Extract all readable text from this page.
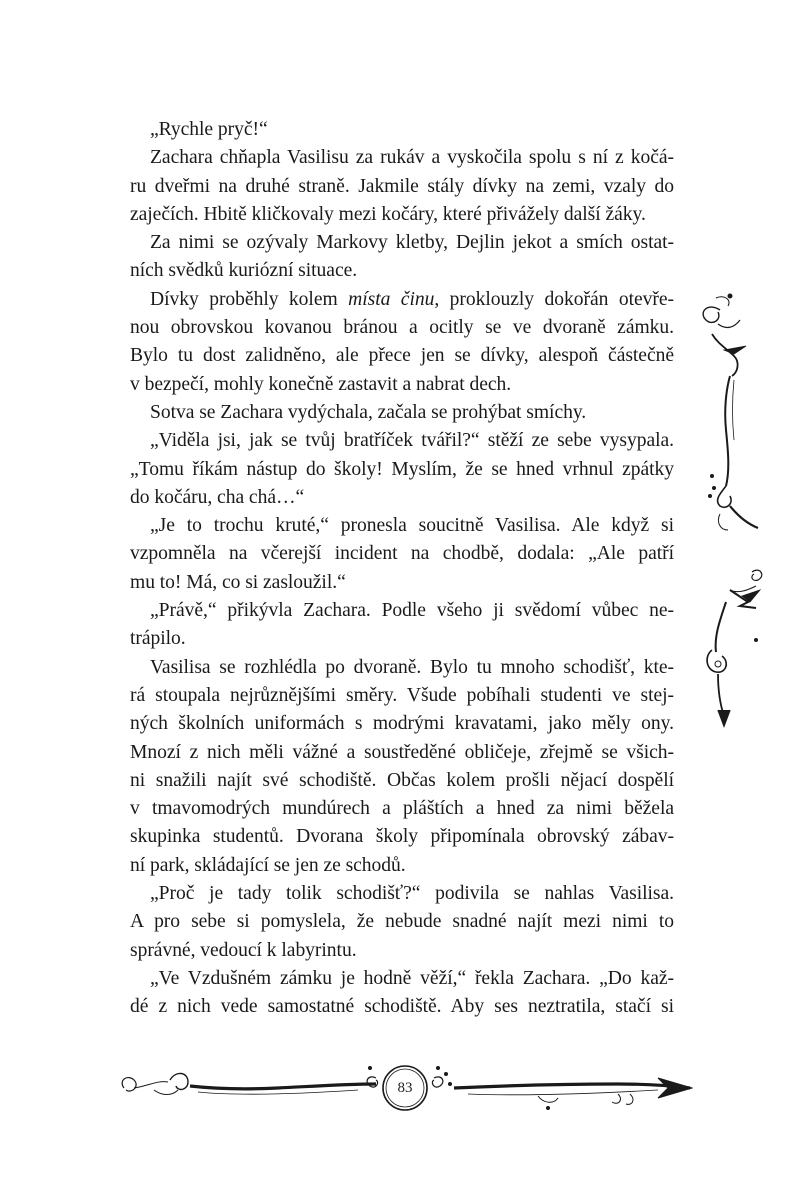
„Rychle pryč!“
Zachara chňapla Vasilisu za rukáv a vyskočila spolu s ní z kočá-
ru dveřmi na druhé straně. Jakmile stály dívky na zemi, vzaly do
zaječích. Hbitě kličkovaly mezi kočáry, které přivážely další žáky.
Za nimi se ozývaly Markovy kletby, Dejlin jekot a smích ostat-
ních svědků kuriózní situace.
Dívky proběhly kolem místa činu, proklouzly dokořán otevře-
nou obrovskou kovanou bránou a ocitly se ve dvoraně zámku.
Bylo tu dost zalidněno, ale přece jen se dívky, alespoň částečně
v bezpečí, mohly konečně zastavit a nabrat dech.
Sotva se Zachara vydýchala, začala se prohýbat smíchy.
„Viděla jsi, jak se tvůj bratříček tvářil?“ stěží ze sebe vysypala.
„Tomu říkám nástup do školy! Myslím, že se hned vrhnul zpátky
do kočáru, cha chá…“
„Je to trochu kruté,“ pronesla soucitně Vasilisa. Ale když si
vzpomněla na včerejší incident na chodbě, dodala: „Ale patří
mu to! Má, co si zasloužil.“
„Právě,“ přikývla Zachara. Podle všeho ji svědomí vůbec ne-
trápilo.
Vasilisa se rozhlédla po dvoraně. Bylo tu mnoho schodišť, kte-
rá stoupala nejrůznějšími směry. Všude pobíhali studenti ve stej-
ných školních uniformách s modrými kravatami, jako měly ony.
Mnozí z nich měli vážné a soustředěné obličeje, zřejmě se všich-
ni snažili najít své schodiště. Občas kolem prošli nějací dospělí
v tmavomodrých mundúrech a pláštích a hned za nimi běžela
skupinka studentů. Dvorana školy připomínala obrovský zábav-
ní park, skládající se jen ze schodů.
„Proč je tady tolik schodišť?“ podivila se nahlas Vasilisa.
A pro sebe si pomyslela, že nebude snadné najít mezi nimi to
správné, vedoucí k labyrintu.
„Ve Vzdušném zámku je hodně věží,“ řekla Zachara. „Do kaž-
dé z nich vede samostatné schodiště. Aby ses neztratila, stačí si
83
